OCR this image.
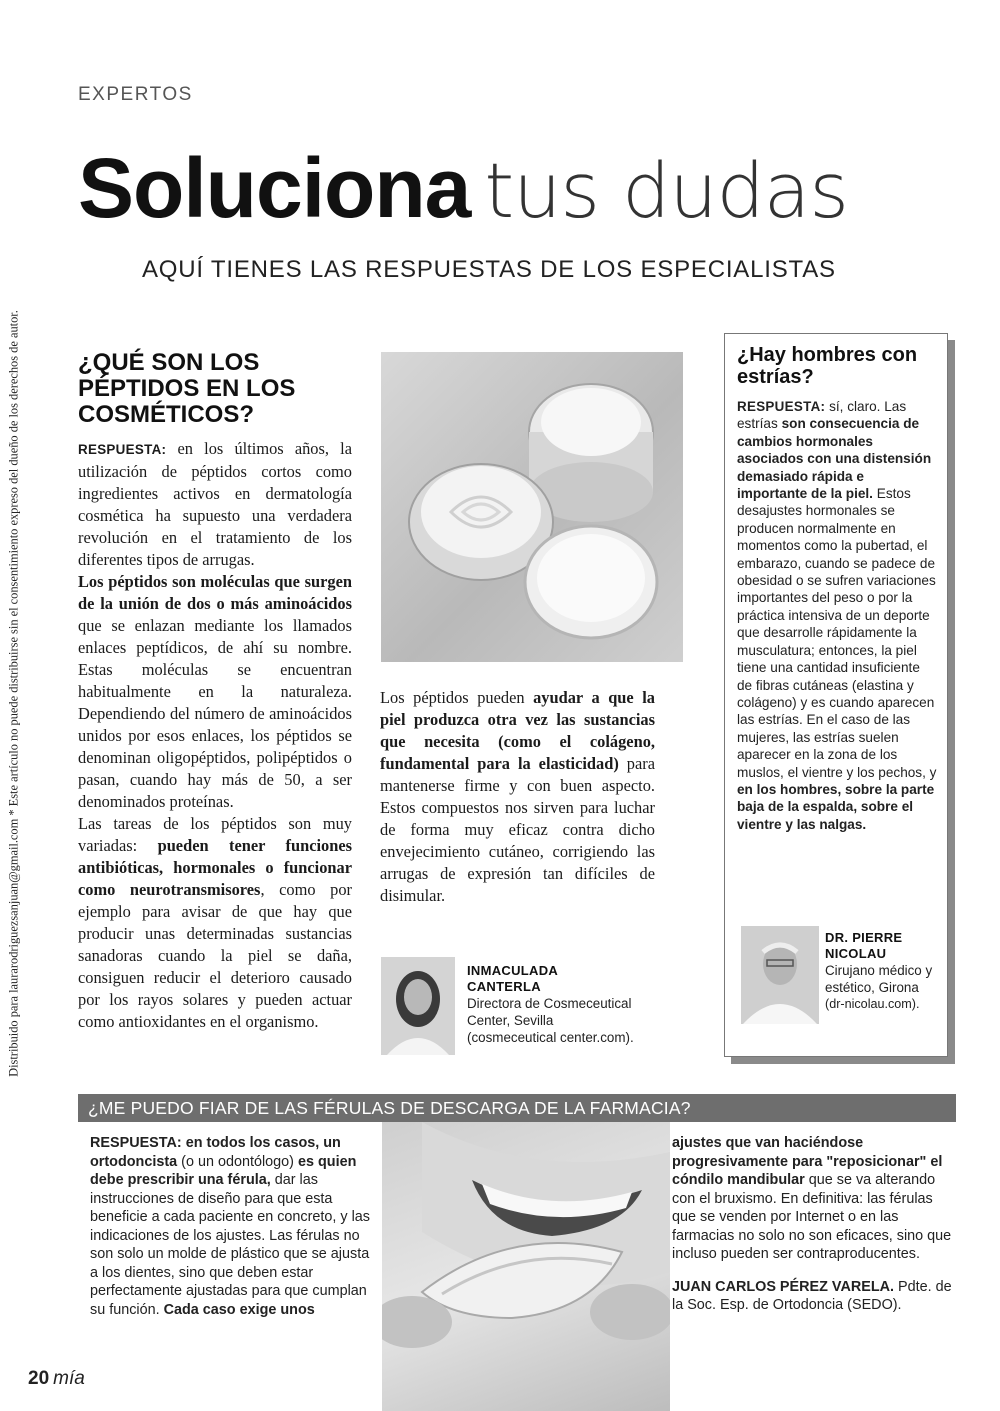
Distribuido para laurarodriguezsanjuan@gmail.com * Este artículo no puede distribuirse sin el consentimiento expreso del dueño de los derechos de autor.
EXPERTOS
Soluciona tus dudas
AQUÍ TIENES LAS RESPUESTAS DE LOS ESPECIALISTAS
¿QUÉ SON LOS PÉPTIDOS EN LOS COSMÉTICOS?

RESPUESTA: en los últimos años, la utilización de péptidos cortos como ingredientes activos en dermatología cosmética ha supuesto una verdadera revolución en el tratamiento de los diferentes tipos de arrugas.

Los péptidos son moléculas que surgen de la unión de dos o más aminoácidos que se enlazan mediante los llamados enlaces peptídicos, de ahí su nombre. Estas moléculas se encuentran habitualmente en la naturaleza. Dependiendo del número de aminoácidos unidos por esos enlaces, los péptidos se denominan oligopéptidos, polipéptidos o pasan, cuando hay más de 50, a ser denominados proteínas.

Las tareas de los péptidos son muy variadas: pueden tener funciones antibióticas, hormonales o funcionar como neurotransmisores, como por ejemplo para avisar de que hay que producir unas determinadas sustancias sanadoras cuando la piel se daña, consiguen reducir el deterioro causado por los rayos solares y pueden actuar como antioxidantes en el organismo.

Los péptidos pueden ayudar a que la piel produzca otra vez las sustancias que necesita (como el colágeno, fundamental para la elasticidad) para mantenerse firme y con buen aspecto. Estos compuestos nos sirven para luchar de forma muy eficaz contra dicho envejecimiento cutáneo, corrigiendo las arrugas de expresión tan difíciles de disimular.

INMACULADA
CANTERLA
Directora de Cosmeceutical Center, Sevilla
(cosmeceutical center.com).
¿Hay hombres con estrías?

RESPUESTA: sí, claro. Las estrías son consecuencia de cambios hormonales asociados con una distensión demasiado rápida e importante de la piel. Estos desajustes hormonales se producen normalmente en momentos como la pubertad, el embarazo, cuando se padece de obesidad o se sufren variaciones importantes del peso o por la práctica intensiva de un deporte que desarrolle rápidamente la musculatura; entonces, la piel tiene una cantidad insuficiente de fibras cutáneas (elastina y colágeno) y es cuando aparecen las estrías. En el caso de las mujeres, las estrías suelen aparecer en la zona de los muslos, el vientre y los pechos, y en los hombres, sobre la parte baja de la espalda, sobre el vientre y las nalgas.

DR. PIERRE
NICOLAU
Cirujano médico y estético, Girona
(dr-nicolau.com).
¿ME PUEDO FIAR DE LAS FÉRULAS DE DESCARGA DE LA FARMACIA?

RESPUESTA: en todos los casos, un ortodoncista (o un odontólogo) es quien debe prescribir una férula, dar las instrucciones de diseño para que esta beneficie a cada paciente en concreto, y las indicaciones de los ajustes. Las férulas no son solo un molde de plástico que se ajusta a los dientes, sino que deben estar perfectamente ajustadas para que cumplan su función. Cada caso exige unos

ajustes que van haciéndose progresivamente para "reposicionar" el cóndilo mandibular que se va alterando con el bruxismo. En definitiva: las férulas que se venden por Internet o en las farmacias no solo no son eficaces, sino que incluso pueden ser contraproducentes.

JUAN CARLOS PÉREZ VARELA. Pdte. de la Soc. Esp. de Ortodoncia (SEDO).

20 mía
